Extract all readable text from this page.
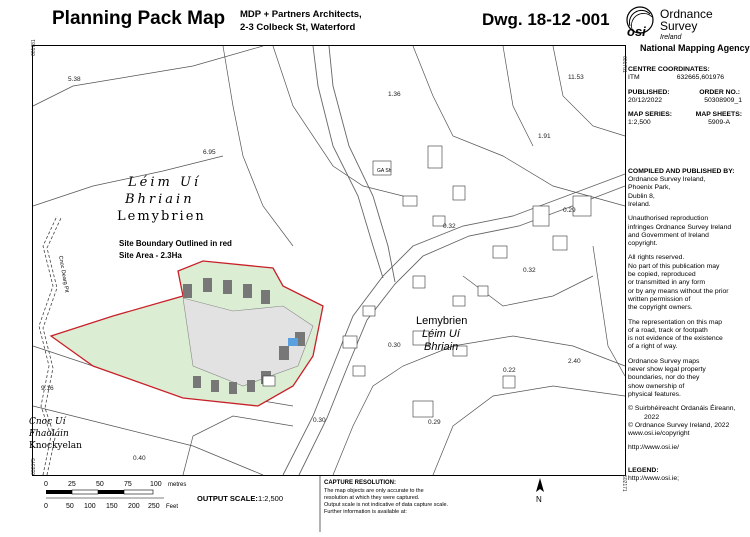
Planning Pack Map MDP + Partners Architects,
2-3 Colbeck St, Waterford	Dwg. 18-12 -001
osi
Ordnance
Survey
Ireland
National Mapping Agency
5.38
6.95
1.36
11.53
1.91
0.32
0.29
0.32
0.30
2.40
0.22
0.30	0.29
9.16
0.40
Léim Uí
Bhriain
Lemybrien
Site Boundary Outlined in red
Site Area - 2.3Ha
Lemybrien
Léim Uí
Bhriain
Cnoc Uí
Fhaoláin
Knockyelan
Cnoc Dearg Pit
GA Sh
601781
601781
632375
602171
CENTRE COORDINATES:
ITM	632665,601976
PUBLISHED:	ORDER NO.:
20/12/2022	50308909_1
MAP SERIES:	MAP SHEETS:
1:2,500	5909-A
COMPILED AND PUBLISHED BY:
Ordnance Survey Ireland,
Phoenix Park,
Dublin 8,
Ireland.
Unauthorised reproduction
infringes Ordnance Survey Ireland
and Government of Ireland
copyright.
All rights reserved.
No part of this publication may
be copied, reproduced
or transmitted in any form
or by any means without the prior
written permission of
the copyright owners.
The representation on this map
of a road, track or footpath
is not evidence of the existence
of a right of way.
Ordnance Survey maps
never show legal property
boundaries, nor do they
show ownership of
physical features.
© Suirbhéireacht Ordanáis Éireann,
2022
© Ordnance Survey Ireland, 2022
www.osi.ie/copyright
http://www.osi.ie/
LEGEND:
http://www.osi.ie;
0	25	50	75	100 metres
0	50 100 150 200 250 Feet
OUTPUT SCALE: 1:2,500
CAPTURE RESOLUTION:
The map objects are only accurate to the
resolution at which they were captured.
Output scale is not indicative of data capture scale.
Further information is available at:
N
